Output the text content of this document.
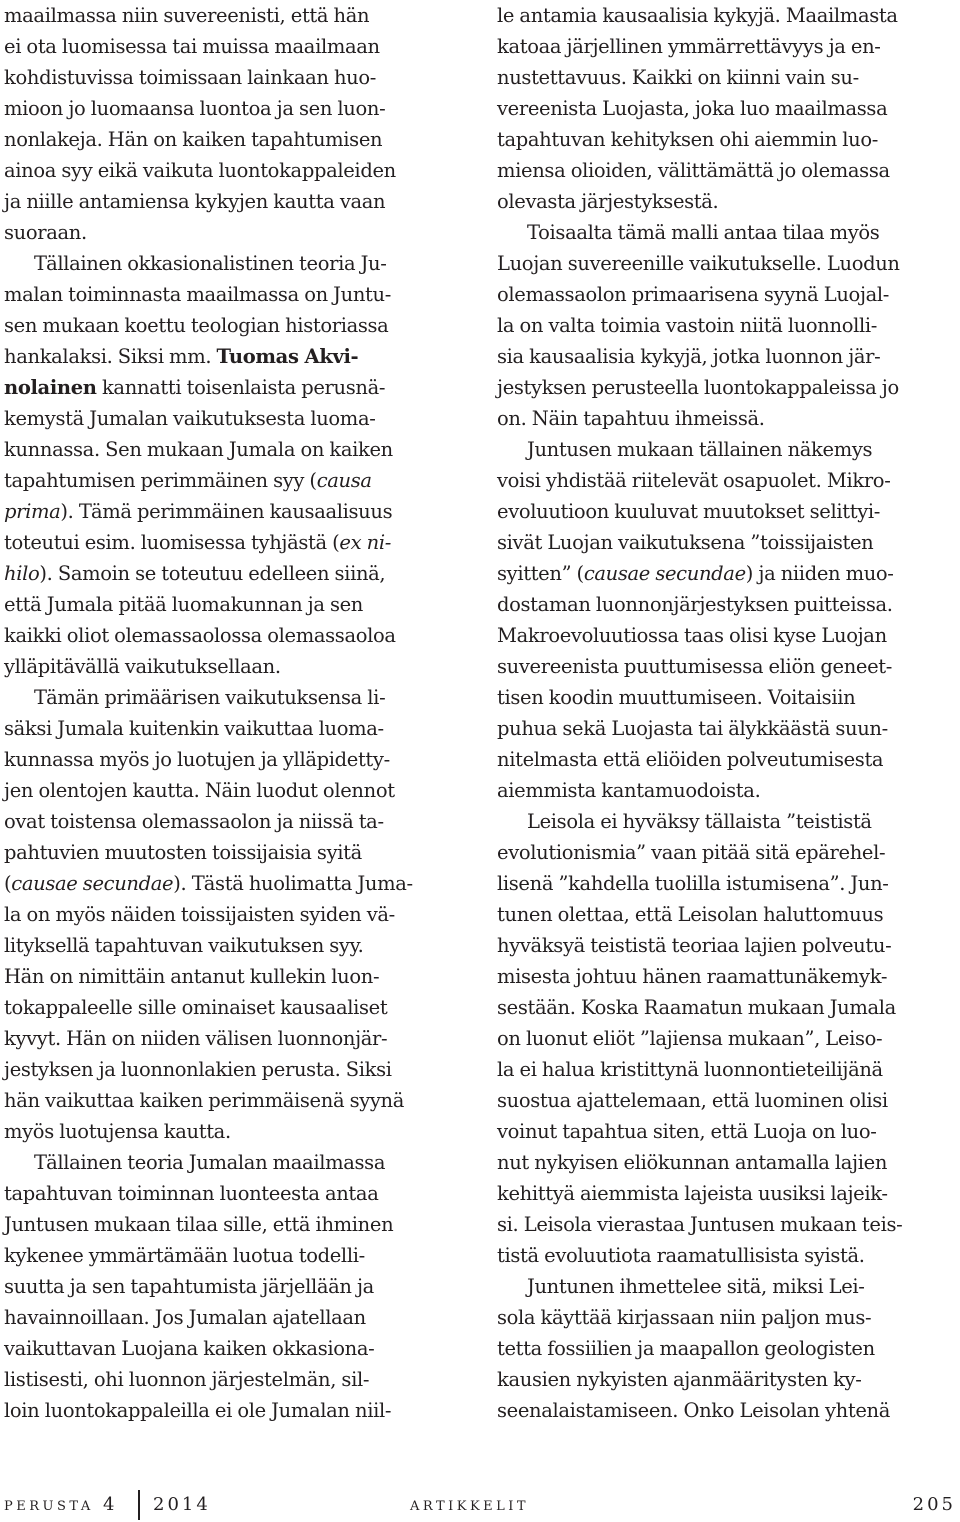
maailmassa niin suvereenisti, että hän
ei ota luomisessa tai muissa maailmaan
kohdistuvissa toimissaan lainkaan huo-
mioon jo luomaansa luontoa ja sen luon-
nonlakeja. Hän on kaiken tapahtumisen
ainoa syy eikä vaikuta luontokappaleiden
ja niille antamiensa kykyjen kautta vaan
suoraan.
Tällainen okkasionalistinen teoria Ju-
malan toiminnasta maailmassa on Juntu-
sen mukaan koettu teologian historiassa
hankalaksi. Siksi mm. Tuomas Akvi-
nolainen kannatti toisenlaista perusnä-
kemystä Jumalan vaikutuksesta luoma-
kunnassa. Sen mukaan Jumala on kaiken
tapahtumisen perimmäinen syy (causa
prima). Tämä perimmäinen kausaalisuus
toteutui esim. luomisessa tyhjästä (ex ni-
hilo). Samoin se toteutuu edelleen siinä,
että Jumala pitää luomakunnan ja sen
kaikki oliot olemassaolossa olemassaoloa
ylläpitävällä vaikutuksellaan.
Tämän primäärisen vaikutuksensa li-
säksi Jumala kuitenkin vaikuttaa luoma-
kunnassa myös jo luotujen ja ylläpidetty-
jen olentojen kautta. Näin luodut olennot
ovat toistensa olemassaolon ja niissä ta-
pahtuvien muutosten toissijaisia syitä
(causae secundae). Tästä huolimatta Juma-
la on myös näiden toissijaisten syiden vä-
lityksellä tapahtuvan vaikutuksen syy.
Hän on nimittäin antanut kullekin luon-
tokappaleelle sille ominaiset kausaaliset
kyvyt. Hän on niiden välisen luonnonjär-
jestyksen ja luonnonlakien perusta. Siksi
hän vaikuttaa kaiken perimmäisenä syynä
myös luotujensa kautta.
Tällainen teoria Jumalan maailmassa
tapahtuvan toiminnan luonteesta antaa
Juntusen mukaan tilaa sille, että ihminen
kykenee ymmärtämään luotua todelli-
suutta ja sen tapahtumista järjellään ja
havainnoillaan. Jos Jumalan ajatellaan
vaikuttavan Luojana kaiken okkasiona-
listisesti, ohi luonnon järjestelmän, sil-
loin luontokappaleilla ei ole Jumalan niil-
le antamia kausaalisia kykyjä. Maailmasta
katoaa järjellinen ymmärrettävyys ja en-
nustettavuus. Kaikki on kiinni vain su-
vereenista Luojasta, joka luo maailmassa
tapahtuvan kehityksen ohi aiemmin luo-
miensa olioiden, välittämättä jo olemassa
olevasta järjestyksestä.
Toisaalta tämä malli antaa tilaa myös
Luojan suvereenille vaikutukselle. Luodun
olemassaolon primaarisena syynä Luojal-
la on valta toimia vastoin niitä luonnolli-
sia kausaalisia kykyjä, jotka luonnon jär-
jestyksen perusteella luontokappaleissa jo
on. Näin tapahtuu ihmeissä.
Juntusen mukaan tällainen näkemys
voisi yhdistää riitelevät osapuolet. Mikro-
evoluutioon kuuluvat muutokset selittyi-
sivät Luojan vaikutuksena ”toissijaisten
syitten” (causae secundae) ja niiden muo-
dostaman luonnonjärjestyksen puitteissa.
Makroevoluutiossa taas olisi kyse Luojan
suvereenista puuttumisessa eliön geneet-
tisen koodin muuttumiseen. Voitaisiin
puhua sekä Luojasta tai älykkäästä suun-
nitelmasta että eliöiden polveutumisesta
aiemmista kantamuodoista.
Leisola ei hyväksy tällaista ”teististä
evolutionismia” vaan pitää sitä epärehel-
lisenä ”kahdella tuolilla istumisena”. Jun-
tunen olettaa, että Leisolan haluttomuus
hyväksyä teististä teoriaa lajien polveutu-
misesta johtuu hänen raamattunäkemyk-
sestään. Koska Raamatun mukaan Jumala
on luonut eliöt ”lajiensa mukaan”, Leiso-
la ei halua kristittynä luonnontieteilijänä
suostua ajattelemaan, että luominen olisi
voinut tapahtua siten, että Luoja on luo-
nut nykyisen eliökunnan antamalla lajien
kehittyä aiemmista lajeista uusiksi lajeik-
si. Leisola vierastaa Juntusen mukaan teis-
tistä evoluutiota raamatullisista syistä.
Juntunen ihmettelee sitä, miksi Lei-
sola käyttää kirjassaan niin paljon mus-
tetta fossiilien ja maapallon geologisten
kausien nykyisten ajanmääritysten ky-
seenalaistamiseen. Onko Leisolan yhtenä
perusta 4 2014	artikkelit	205
